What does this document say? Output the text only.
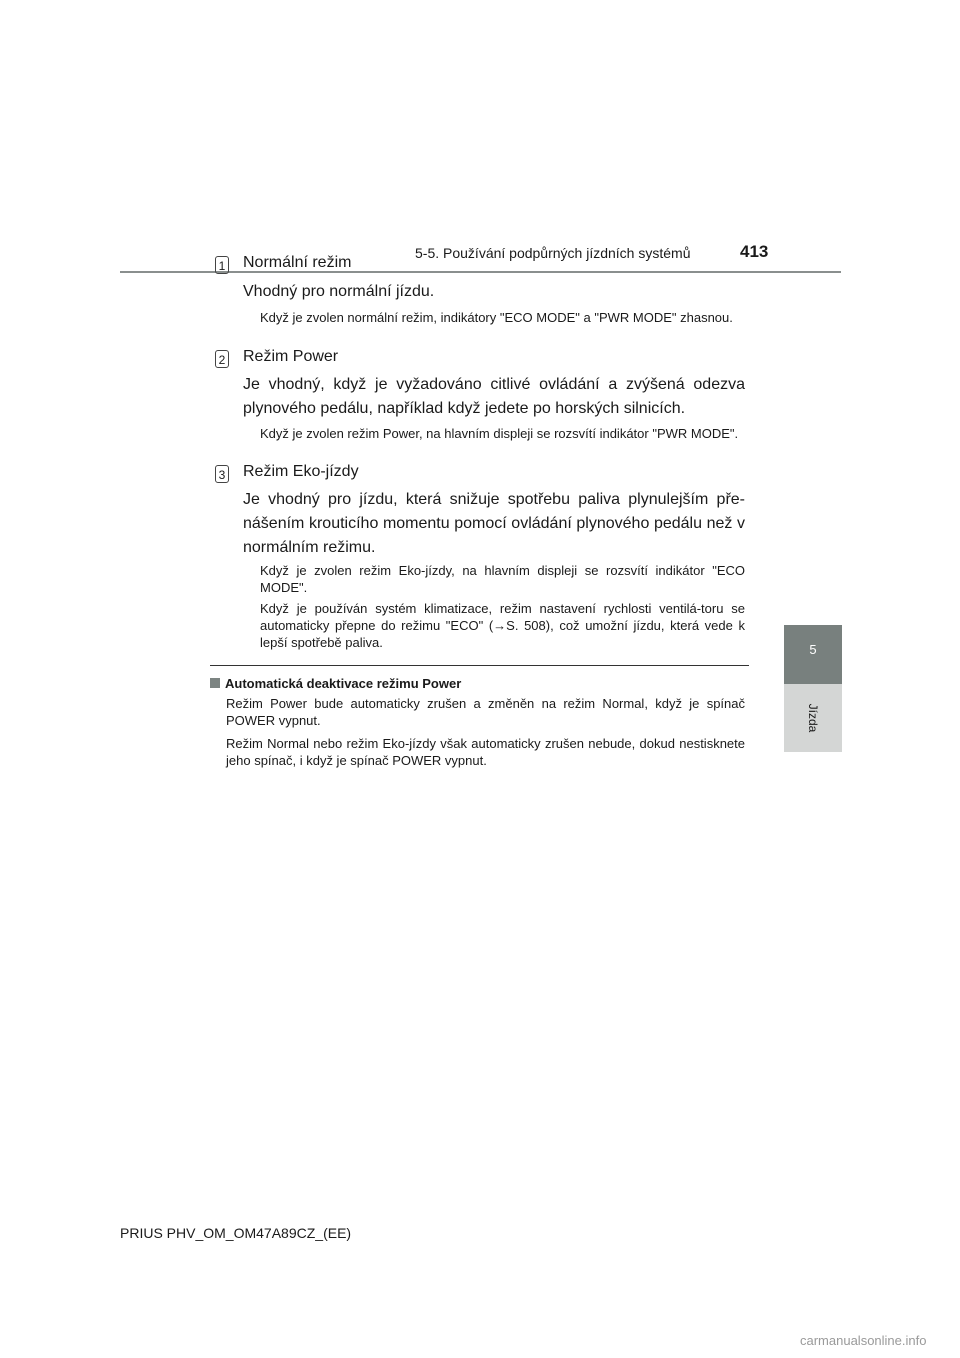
5-5. Používání podpůrných jízdních systémů	413
5
Jízda
1 Normální režim
Vhodný pro normální jízdu.
Když je zvolen normální režim, indikátory "ECO MODE" a "PWR MODE" zhasnou.
2 Režim Power
Je vhodný, když je vyžadováno citlivé ovládání a zvýšená odezva plynového pedálu, například když jedete po horských silnicích.
Když je zvolen režim Power, na hlavním displeji se rozsvítí indikátor "PWR MODE".
3 Režim Eko-jízdy
Je vhodný pro jízdu, která snižuje spotřebu paliva plynulejším pře-nášením krouticího momentu pomocí ovládání plynového pedálu než v normálním režimu.
Když je zvolen režim Eko-jízdy, na hlavním displeji se rozsvítí indikátor "ECO MODE".
Když je používán systém klimatizace, režim nastavení rychlosti ventilá-toru se automaticky přepne do režimu "ECO" (→S. 508), což umožní jízdu, která vede k lepší spotřebě paliva.
Automatická deaktivace režimu Power
Režim Power bude automaticky zrušen a změněn na režim Normal, když je spínač POWER vypnut.
Režim Normal nebo režim Eko-jízdy však automaticky zrušen nebude, dokud nestisknete jeho spínač, i když je spínač POWER vypnut.
PRIUS PHV_OM_OM47A89CZ_(EE)
carmanualsonline.info
